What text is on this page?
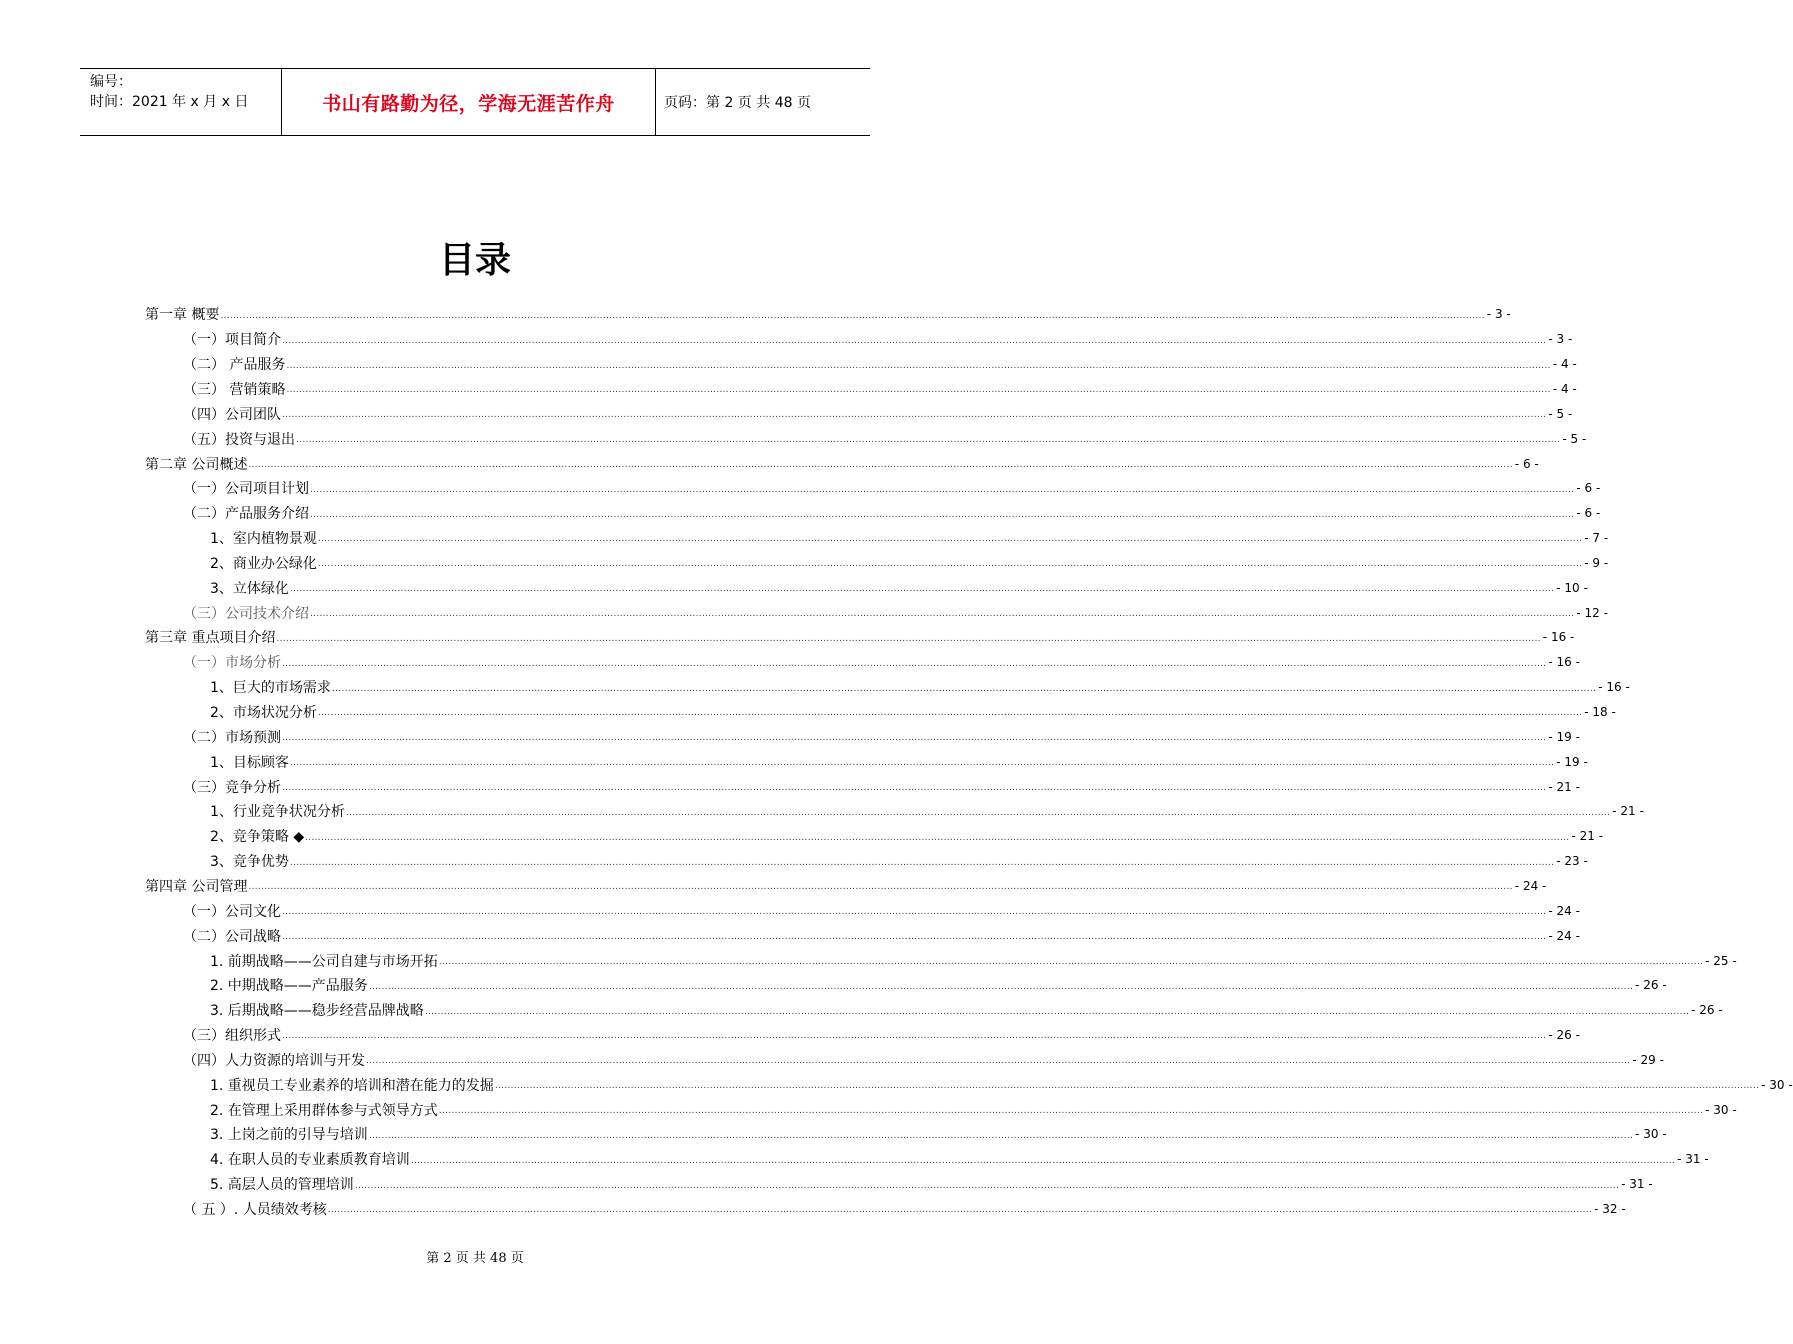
编号：
时间：2021 年 x 月 x 日	书山有路勤为径，学海无涯苦作舟	页码：第 2 页 共 48 页
目录
第一章 概要 ................................................................................................................................................................................................................................................................................................................................................................................................................ - 3 -
（一）项目简介 ................................................................................................................................................................................................................................................................................................................................................................................................................ - 3 -
（二） 产品服务 ................................................................................................................................................................................................................................................................................................................................................................................................................ - 4 -
（三） 营销策略 ................................................................................................................................................................................................................................................................................................................................................................................................................ - 4 -
（四）公司团队 ................................................................................................................................................................................................................................................................................................................................................................................................................ - 5 -
（五）投资与退出 ................................................................................................................................................................................................................................................................................................................................................................................................................ - 5 -
第二章 公司概述 ................................................................................................................................................................................................................................................................................................................................................................................................................ - 6 -
（一）公司项目计划 ................................................................................................................................................................................................................................................................................................................................................................................................................ - 6 -
（二）产品服务介绍 ................................................................................................................................................................................................................................................................................................................................................................................................................ - 6 -
1、室内植物景观 ................................................................................................................................................................................................................................................................................................................................................................................................................ - 7 -
2、商业办公绿化 ................................................................................................................................................................................................................................................................................................................................................................................................................ - 9 -
3、立体绿化 ................................................................................................................................................................................................................................................................................................................................................................................................................ - 10 -
（三）公司技术介绍 ................................................................................................................................................................................................................................................................................................................................................................................................................ - 12 -
第三章 重点项目介绍 ................................................................................................................................................................................................................................................................................................................................................................................................................ - 16 -
（一）市场分析 ................................................................................................................................................................................................................................................................................................................................................................................................................ - 16 -
1、巨大的市场需求 ................................................................................................................................................................................................................................................................................................................................................................................................................ - 16 -
2、市场状况分析 ................................................................................................................................................................................................................................................................................................................................................................................................................ - 18 -
（二）市场预测 ................................................................................................................................................................................................................................................................................................................................................................................................................ - 19 -
1、目标顾客 ................................................................................................................................................................................................................................................................................................................................................................................................................ - 19 -
（三）竞争分析 ................................................................................................................................................................................................................................................................................................................................................................................................................ - 21 -
1、行业竞争状况分析 ................................................................................................................................................................................................................................................................................................................................................................................................................ - 21 -
2、竞争策略 ◆ ................................................................................................................................................................................................................................................................................................................................................................................................................ - 21 -
3、竞争优势 ................................................................................................................................................................................................................................................................................................................................................................................................................ - 23 -
第四章 公司管理 ................................................................................................................................................................................................................................................................................................................................................................................................................ - 24 -
（一）公司文化 ................................................................................................................................................................................................................................................................................................................................................................................................................ - 24 -
（二）公司战略 ................................................................................................................................................................................................................................................................................................................................................................................................................ - 24 -
1. 前期战略——公司自建与市场开拓 ................................................................................................................................................................................................................................................................................................................................................................................................................ - 25 -
2. 中期战略——产品服务 ................................................................................................................................................................................................................................................................................................................................................................................................................ - 26 -
3. 后期战略——稳步经营品牌战略 ................................................................................................................................................................................................................................................................................................................................................................................................................ - 26 -
（三）组织形式 ................................................................................................................................................................................................................................................................................................................................................................................................................ - 26 -
（四）人力资源的培训与开发 ................................................................................................................................................................................................................................................................................................................................................................................................................ - 29 -
1. 重视员工专业素养的培训和潜在能力的发掘 ................................................................................................................................................................................................................................................................................................................................................................................................................ - 30 -
2. 在管理上采用群体参与式领导方式 ................................................................................................................................................................................................................................................................................................................................................................................................................ - 30 -
3. 上岗之前的引导与培训 ................................................................................................................................................................................................................................................................................................................................................................................................................ - 30 -
4. 在职人员的专业素质教育培训 ................................................................................................................................................................................................................................................................................................................................................................................................................ - 31 -
5. 高层人员的管理培训 ................................................................................................................................................................................................................................................................................................................................................................................................................ - 31 -
（ 五 ）. 人员绩效考核 ................................................................................................................................................................................................................................................................................................................................................................................................................ - 32 -
第 2 页 共 48 页
